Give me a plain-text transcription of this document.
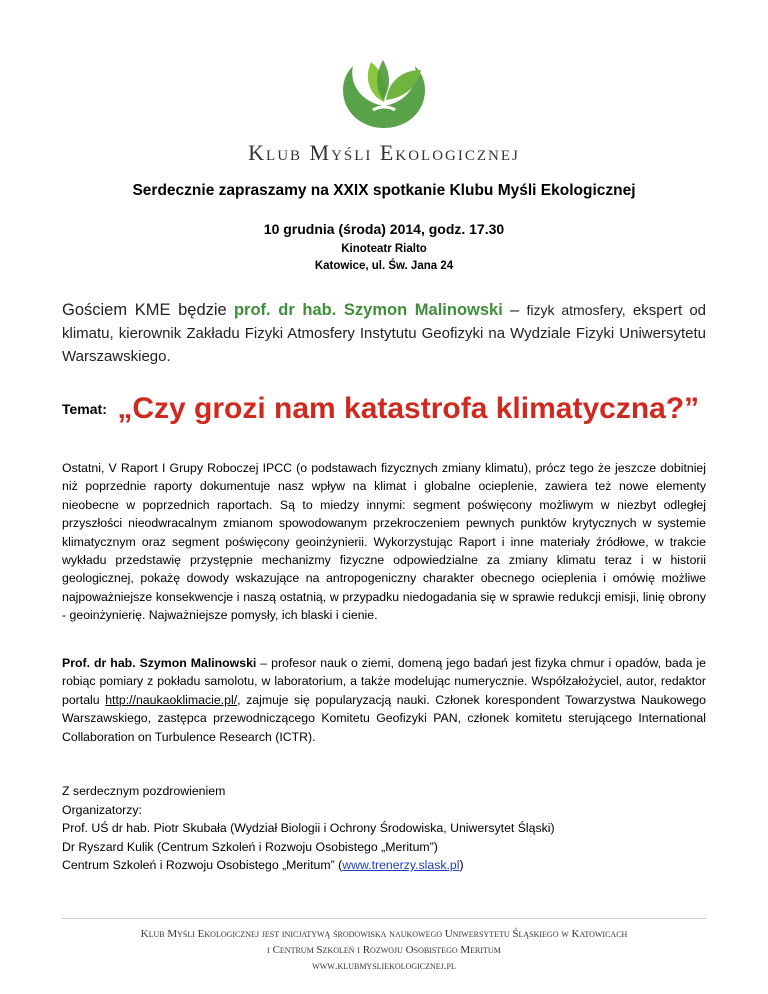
Klub Myśli Ekologicznej
Serdecznie zapraszamy na XXIX spotkanie Klubu Myśli Ekologicznej
10 grudnia (środa) 2014, godz. 17.30
Kinoteatr Rialto
Katowice, ul. Św. Jana 24
Gościem KME będzie prof. dr hab. Szymon Malinowski – fizyk atmosfery, ekspert od klimatu, kierownik Zakładu Fizyki Atmosfery Instytutu Geofizyki na Wydziale Fizyki Uniwersytetu Warszawskiego.
Temat: „Czy grozi nam katastrofa klimatyczna?”
Ostatni, V Raport I Grupy Roboczej IPCC (o podstawach fizycznych zmiany klimatu), prócz tego że jeszcze dobitniej niż poprzednie raporty dokumentuje nasz wpływ na klimat i globalne ocieplenie, zawiera też nowe elementy nieobecne w poprzednich raportach. Są to miedzy innymi: segment poświęcony możliwym w niezbyt odległej przyszłości nieodwracalnym zmianom spowodowanym przekroczeniem pewnych punktów krytycznych w systemie klimatycznym oraz segment poświęcony geoinżynierii. Wykorzystując Raport i inne materiały źródłowe, w trakcie wykładu przedstawię przystępnie mechanizmy fizyczne odpowiedzialne za zmiany klimatu teraz i w historii geologicznej, pokażę dowody wskazujące na antropogeniczny charakter obecnego ocieplenia i omówię możliwe najpoważniejsze konsekwencje i naszą ostatnią, w przypadku niedogadania się w sprawie redukcji emisji, linię obrony - geoinżynierię. Najważniejsze pomysły, ich blaski i cienie.
Prof. dr hab. Szymon Malinowski – profesor nauk o ziemi, domeną jego badań jest fizyka chmur i opadów, bada je robiąc pomiary z pokładu samolotu, w laboratorium, a także modelując numerycznie. Współzałożyciel, autor, redaktor portalu http://naukaoklimacie.pl/, zajmuje się popularyzacją nauki. Członek korespondent Towarzystwa Naukowego Warszawskiego, zastępca przewodniczącego Komitetu Geofizyki PAN, członek komitetu sterującego International Collaboration on Turbulence Research (ICTR).
Z serdecznym pozdrowieniem
Organizatorzy:
Prof. UŚ dr hab. Piotr Skubała (Wydział Biologii i Ochrony Środowiska, Uniwersytet Śląski)
Dr Ryszard Kulik (Centrum Szkoleń i Rozwoju Osobistego „Meritum”)
Centrum Szkoleń i Rozwoju Osobistego „Meritum” (www.trenerzy.slask.pl)
Klub Myśli Ekologicznej jest inicjatywą środowiska naukowego Uniwersytetu Śląskiego w Katowicach
i Centrum Szkoleń i Rozwoju Osobistego Meritum
www.klubmysliekologicznej.pl
